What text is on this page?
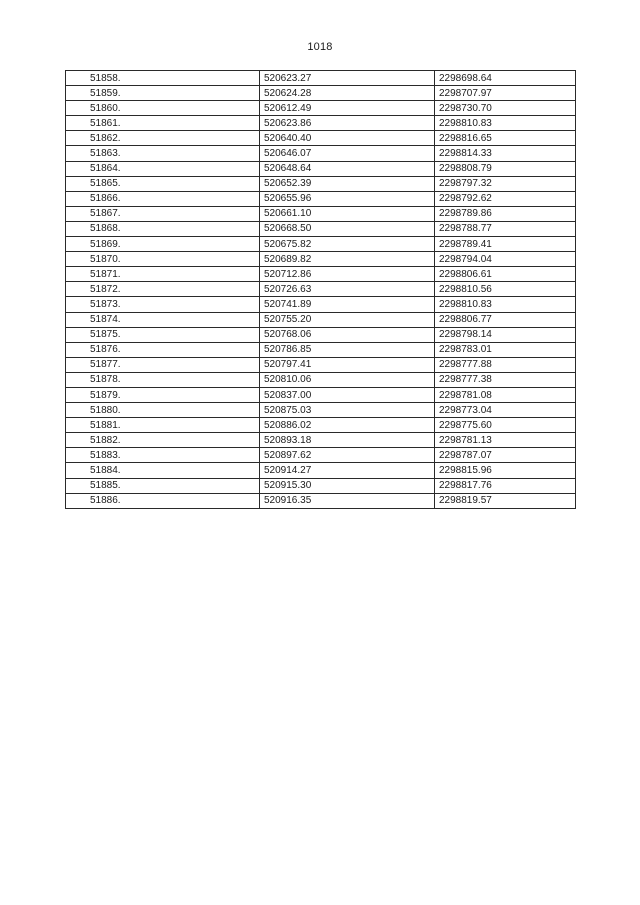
1018
51858.	520623.27	2298698.64
51859.	520624.28	2298707.97
51860.	520612.49	2298730.70
51861.	520623.86	2298810.83
51862.	520640.40	2298816.65
51863.	520646.07	2298814.33
51864.	520648.64	2298808.79
51865.	520652.39	2298797.32
51866.	520655.96	2298792.62
51867.	520661.10	2298789.86
51868.	520668.50	2298788.77
51869.	520675.82	2298789.41
51870.	520689.82	2298794.04
51871.	520712.86	2298806.61
51872.	520726.63	2298810.56
51873.	520741.89	2298810.83
51874.	520755.20	2298806.77
51875.	520768.06	2298798.14
51876.	520786.85	2298783.01
51877.	520797.41	2298777.88
51878.	520810.06	2298777.38
51879.	520837.00	2298781.08
51880.	520875.03	2298773.04
51881.	520886.02	2298775.60
51882.	520893.18	2298781.13
51883.	520897.62	2298787.07
51884.	520914.27	2298815.96
51885.	520915.30	2298817.76
51886.	520916.35	2298819.57
